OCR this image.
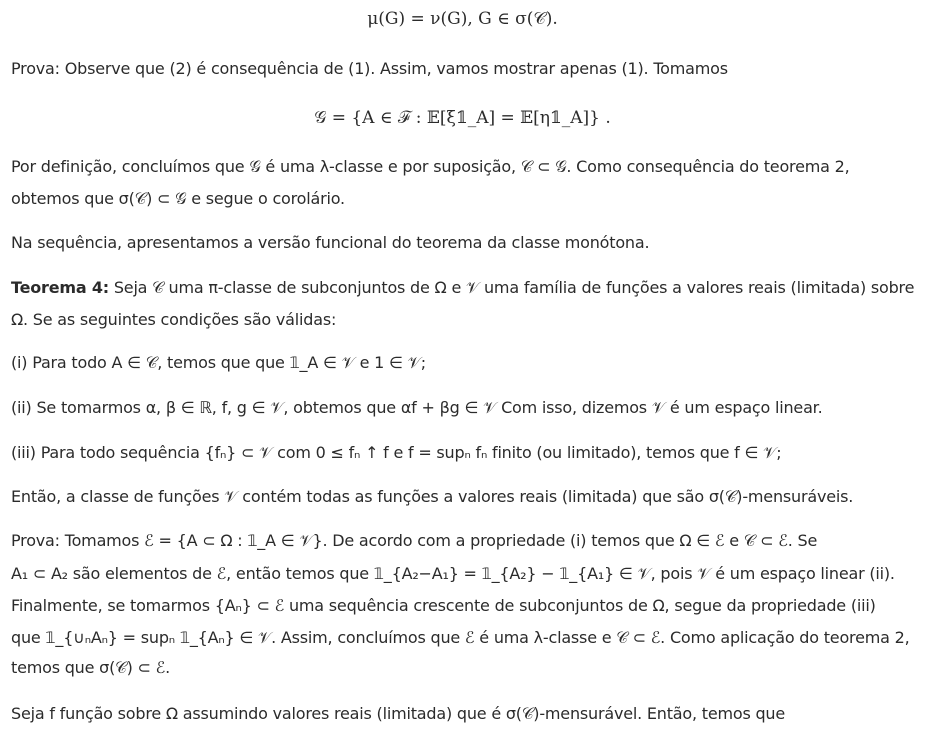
μ(G) = ν(G), G ∈ σ(𝒞).
Prova: Observe que (2) é consequência de (1). Assim, vamos mostrar apenas (1). Tomamos
𝒢 = {A ∈ ℱ : 𝔼[ξ𝟙_A] = 𝔼[η𝟙_A]} .
Por definição, concluímos que 𝒢 é uma λ-classe e por suposição, 𝒞 ⊂ 𝒢. Como consequência do teorema 2,
obtemos que σ(𝒞) ⊂ 𝒢 e segue o corolário.
Na sequência, apresentamos a versão funcional do teorema da classe monótona.
Teorema 4: Seja 𝒞 uma π-classe de subconjuntos de Ω e 𝒱 uma família de funções a valores reais (limitada) sobre
Ω. Se as seguintes condições são válidas:
(i) Para todo A ∈ 𝒞, temos que que 𝟙_A ∈ 𝒱 e 1 ∈ 𝒱;
(ii) Se tomarmos α, β ∈ ℝ, f, g ∈ 𝒱, obtemos que αf + βg ∈ 𝒱 Com isso, dizemos 𝒱 é um espaço linear.
(iii) Para todo sequência {fₙ} ⊂ 𝒱 com 0 ≤ fₙ ↑ f e f = supₙ fₙ finito (ou limitado), temos que f ∈ 𝒱;
Então, a classe de funções 𝒱 contém todas as funções a valores reais (limitada) que são σ(𝒞)-mensuráveis.
Prova: Tomamos ℰ = {A ⊂ Ω : 𝟙_A ∈ 𝒱}. De acordo com a propriedade (i) temos que Ω ∈ ℰ e 𝒞 ⊂ ℰ. Se
A₁ ⊂ A₂ são elementos de ℰ, então temos que 𝟙_{A₂−A₁} = 𝟙_{A₂} − 𝟙_{A₁} ∈ 𝒱, pois 𝒱 é um espaço linear (ii).
Finalmente, se tomarmos {Aₙ} ⊂ ℰ uma sequência crescente de subconjuntos de Ω, segue da propriedade (iii)
que 𝟙_{∪ₙAₙ} = supₙ 𝟙_{Aₙ} ∈ 𝒱. Assim, concluímos que ℰ é uma λ-classe e 𝒞 ⊂ ℰ. Como aplicação do teorema 2,
temos que σ(𝒞) ⊂ ℰ.
Seja f função sobre Ω assumindo valores reais (limitada) que é σ(𝒞)-mensurável. Então, temos que
